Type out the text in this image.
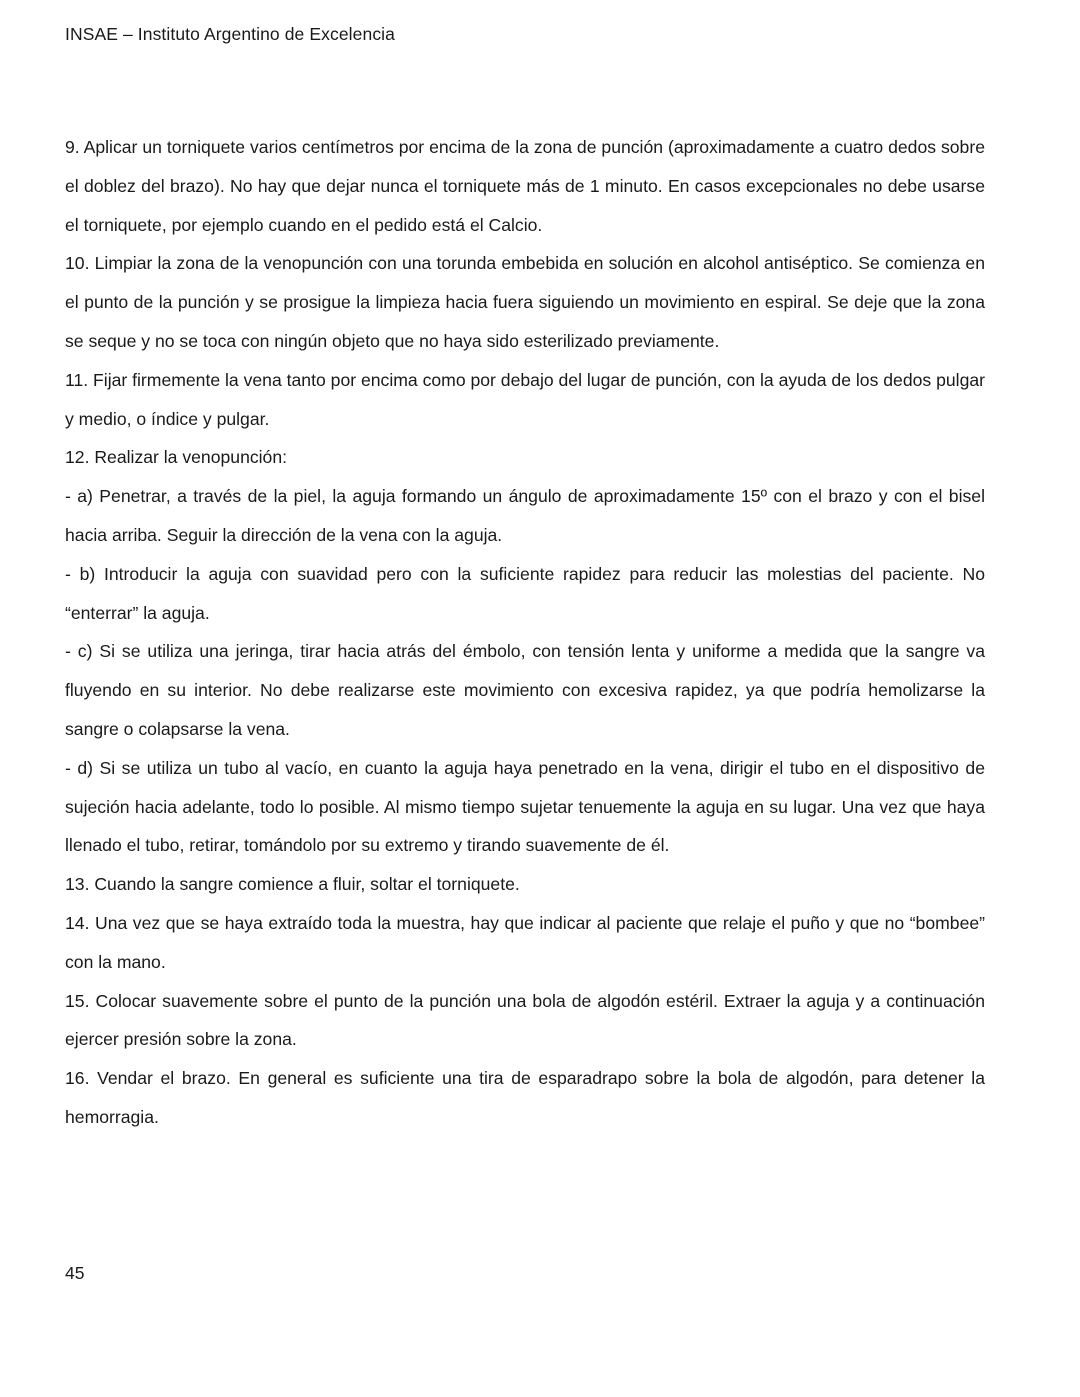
INSAE – Instituto Argentino de Excelencia

9. Aplicar un torniquete varios centímetros por encima de la zona de punción (aproximadamente a cuatro dedos sobre el doblez del brazo). No hay que dejar nunca el torniquete más de 1 minuto. En casos excepcionales no debe usarse el torniquete, por ejemplo cuando en el pedido está el Calcio.

10. Limpiar la zona de la venopunción con una torunda embebida en solución en alcohol antiséptico. Se comienza en el punto de la punción y se prosigue la limpieza hacia fuera siguiendo un movimiento en espiral. Se deje que la zona se seque y no se toca con ningún objeto que no haya sido esterilizado previamente.

11. Fijar firmemente la vena tanto por encima como por debajo del lugar de punción, con la ayuda de los dedos pulgar y medio, o índice y pulgar.

12. Realizar la venopunción:

- a) Penetrar, a través de la piel, la aguja formando un ángulo de aproximadamente 15º con el brazo y con el bisel hacia arriba. Seguir la dirección de la vena con la aguja.

- b) Introducir la aguja con suavidad pero con la suficiente rapidez para reducir las molestias del paciente. No “enterrar” la aguja.

- c) Si se utiliza una jeringa, tirar hacia atrás del émbolo, con tensión lenta y uniforme a medida que la sangre va fluyendo en su interior. No debe realizarse este movimiento con excesiva rapidez, ya que podría hemolizarse la sangre o colapsarse la vena.

- d) Si se utiliza un tubo al vacío, en cuanto la aguja haya penetrado en la vena, dirigir el tubo en el dispositivo de sujeción hacia adelante, todo lo posible. Al mismo tiempo sujetar tenuemente la aguja en su lugar. Una vez que haya llenado el tubo, retirar, tomándolo por su extremo y tirando suavemente de él.

13. Cuando la sangre comience a fluir, soltar el torniquete.

14. Una vez que se haya extraído toda la muestra, hay que indicar al paciente que relaje el puño y que no “bombee” con la mano.

15. Colocar suavemente sobre el punto de la punción una bola de algodón estéril. Extraer la aguja y a continuación ejercer presión sobre la zona.

16. Vendar el brazo. En general es suficiente una tira de esparadrapo sobre la bola de algodón, para detener la hemorragia.

45
